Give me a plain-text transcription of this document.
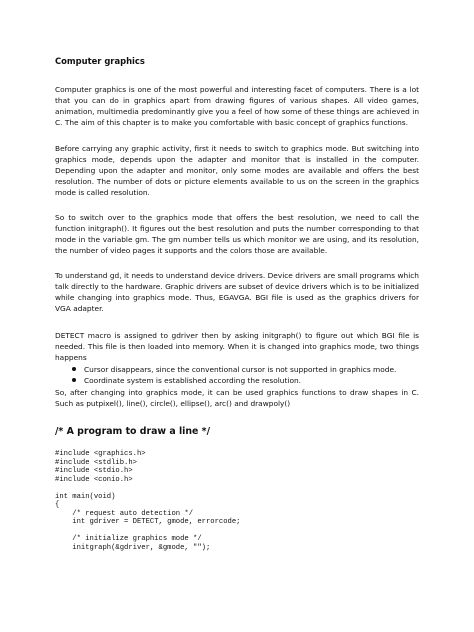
Computer graphics

Computer graphics is one of the most powerful and interesting facet of computers. There is a lot that you can do in graphics apart from drawing figures of various shapes. All video games, animation, multimedia predominantly give you a feel of how some of these things are achieved in C. The aim of this chapter is to make you comfortable with basic concept of graphics functions.

Before carrying any graphic activity, first it needs to switch to graphics mode. But switching into graphics mode, depends upon the adapter and monitor that is installed in the computer. Depending upon the adapter and monitor, only some modes are available and offers the best resolution. The number of dots or picture elements available to us on the screen in the graphics mode is called resolution.

So to switch over to the graphics mode that offers the best resolution, we need to call the function initgraph(). It figures out the best resolution and puts the number corresponding to that mode in the variable gm. The gm number tells us which monitor we are using, and its resolution, the number of video pages it supports and the colors those are available.

To understand gd, it needs to understand device drivers. Device drivers are small programs which talk directly to the hardware. Graphic drivers are subset of device drivers which is to be initialized while changing into graphics mode. Thus, EGAVGA. BGI file is used as the graphics drivers for VGA adapter.

DETECT macro is assigned to gdriver then by asking initgraph() to figure out which BGI file is needed. This file is then loaded into memory. When it is changed into graphics mode, two things happens

Cursor disappears, since the conventional cursor is not supported in graphics mode.
Coordinate system is established according the resolution.

So, after changing into graphics mode, it can be used graphics functions to draw shapes in C. Such as putpixel(), line(), circle(), ellipse(), arc() and drawpoly()

/* A program to draw a line */
#include <graphics.h>
#include <stdlib.h>
#include <stdio.h>
#include <conio.h>

int main(void)
{
/* request auto detection */
int gdriver = DETECT, gmode, errorcode;

/* initialize graphics mode */
initgraph(&gdriver, &gmode, "");
